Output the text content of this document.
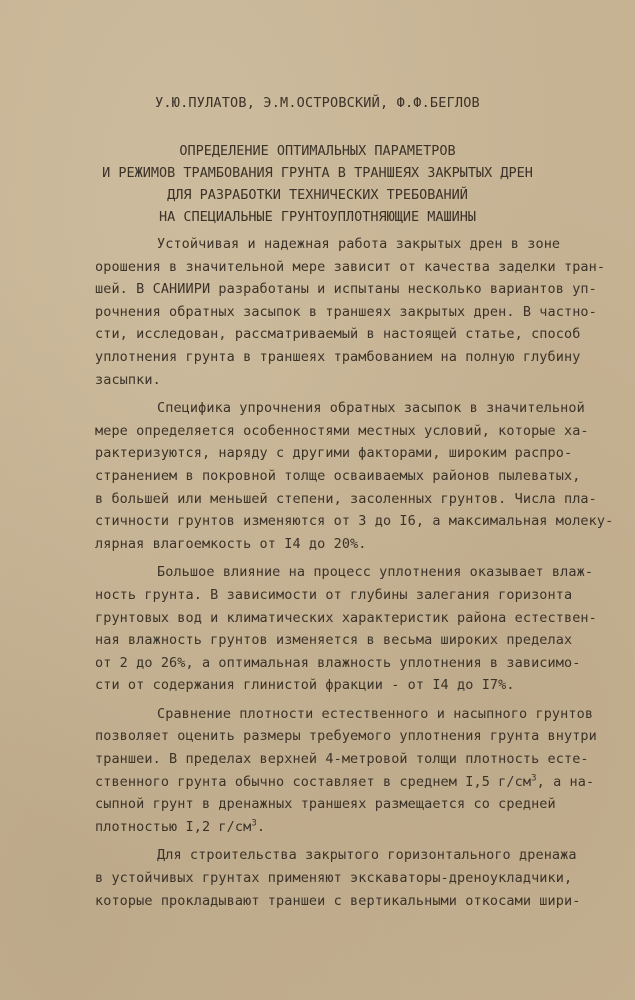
У.Ю.ПУЛАТОВ, Э.М.ОСТРОВСКИЙ, Ф.Ф.БЕГЛОВ
ОПРЕДЕЛЕНИЕ ОПТИМАЛЬНЫХ ПАРАМЕТРОВ
И РЕЖИМОВ ТРАМБОВАНИЯ ГРУНТА В ТРАНШЕЯХ ЗАКРЫТЫХ ДРЕН
ДЛЯ РАЗРАБОТКИ ТЕХНИЧЕСКИХ ТРЕБОВАНИЙ
НА СПЕЦИАЛЬНЫЕ ГРУНТОУПЛОТНЯЮЩИЕ МАШИНЫ
Устойчивая и надежная работа закрытых дрен в зоне
орошения в значительной мере зависит от качества заделки тран-
шей. В САНИИРИ разработаны и испытаны несколько вариантов уп-
рочнения обратных засыпок в траншеях закрытых дрен. В частно-
сти, исследован, рассматриваемый в настоящей статье, способ
уплотнения грунта в траншеях трамбованием на полную глубину
засыпки.
Специфика упрочнения обратных засыпок в значительной
мере определяется особенностями местных условий, которые ха-
рактеризуются, наряду с другими факторами, широким распро-
странением в покровной толще осваиваемых районов пылеватых,
в большей или меньшей степени, засоленных грунтов. Числа пла-
стичности грунтов изменяются от 3 до I6, а максимальная молеку-
лярная влагоемкость от I4 до 20%.
Большое влияние на процесс уплотнения оказывает влаж-
ность грунта. В зависимости от глубины залегания горизонта
грунтовых вод и климатических характеристик района естествен-
ная влажность грунтов изменяется в весьма широких пределах
от 2 до 26%, а оптимальная влажность уплотнения в зависимо-
сти от содержания глинистой фракции - от I4 до I7%.
Сравнение плотности естественного и насыпного грунтов
позволяет оценить размеры требуемого уплотнения грунта внутри
траншеи. В пределах верхней 4-метровой толщи плотность есте-
ственного грунта обычно составляет в среднем I,5 $г/см^3$, а на-
сыпной грунт в дренажных траншеях размещается со средней
плотностью I,2 $г/см^3$.
Для строительства закрытого горизонтального дренажа
в устойчивых грунтах применяют экскаваторы-дреноукладчики,
которые прокладывают траншеи с вертикальными откосами шири-
